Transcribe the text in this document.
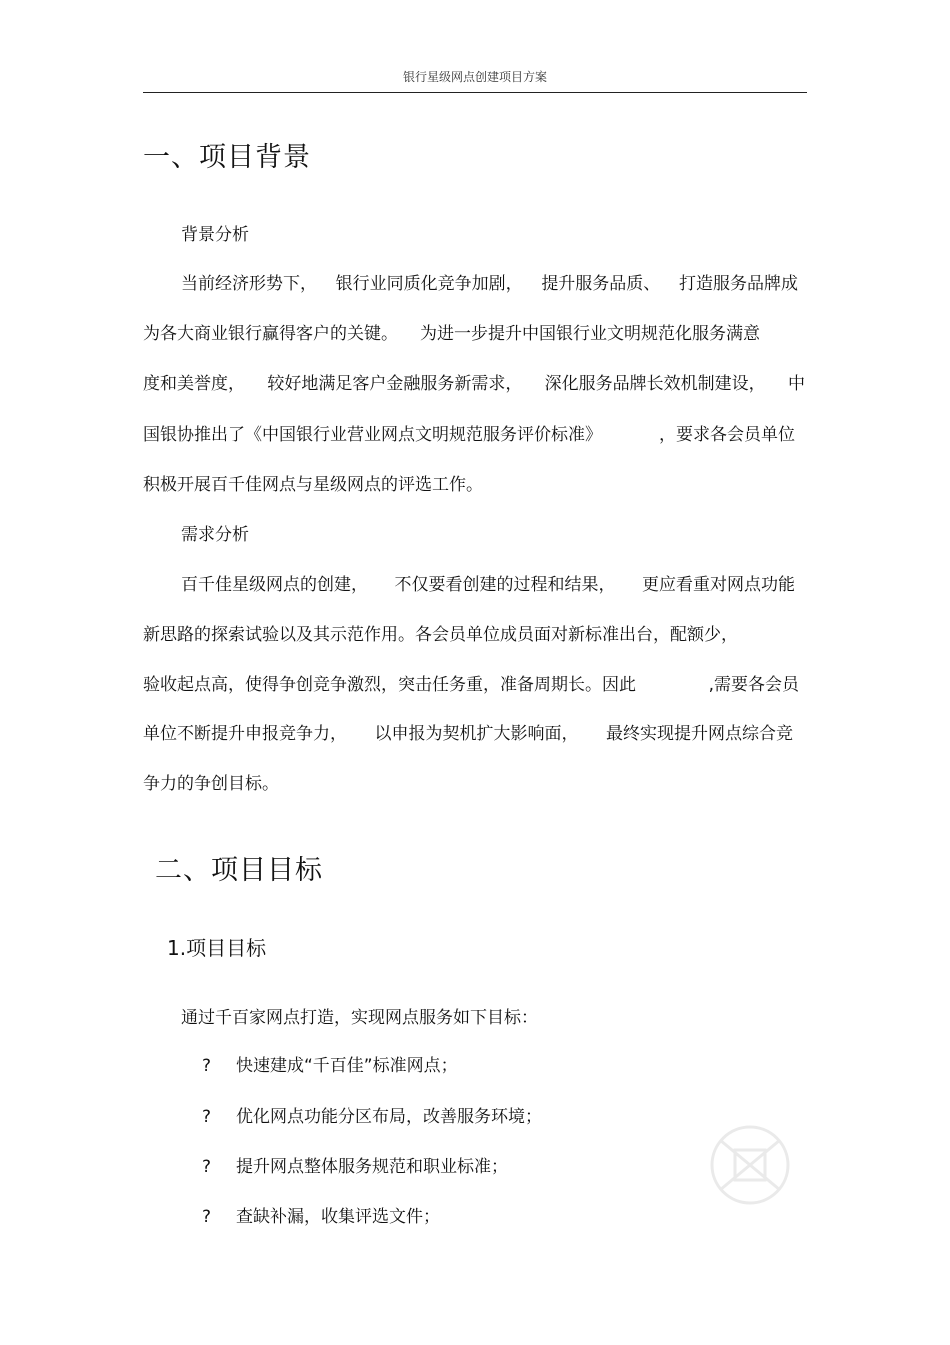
银行星级网点创建项目方案
一、项目背景
背景分析
当前经济形势下， 银行业同质化竞争加剧， 提升服务品质、 打造服务品牌成
为各大商业银行赢得客户的关键。 为进一步提升中国银行业文明规范化服务满意
度和美誉度， 较好地满足客户金融服务新需求， 深化服务品牌长效机制建设， 中
国银协推出了《中国银行业营业网点文明规范服务评价标准》	，要求各会员单位
积极开展百千佳网点与星级网点的评选工作。
需求分析
百千佳星级网点的创建， 不仅要看创建的过程和结果， 更应看重对网点功能
新思路的探索试验以及其示范作用。各会员单位成员面对新标准出台，配额少，
验收起点高，使得争创竞争激烈，突击任务重，准备周期长。因此	,需要各会员
单位不断提升申报竞争力， 以申报为契机扩大影响面， 最终实现提升网点综合竞
争力的争创目标。
二、项目目标
1.项目目标
通过千百家网点打造，实现网点服务如下目标：
? 快速建成“千百佳”标准网点；
? 优化网点功能分区布局，改善服务环境；
? 提升网点整体服务规范和职业标准；
? 查缺补漏，收集评选文件；
